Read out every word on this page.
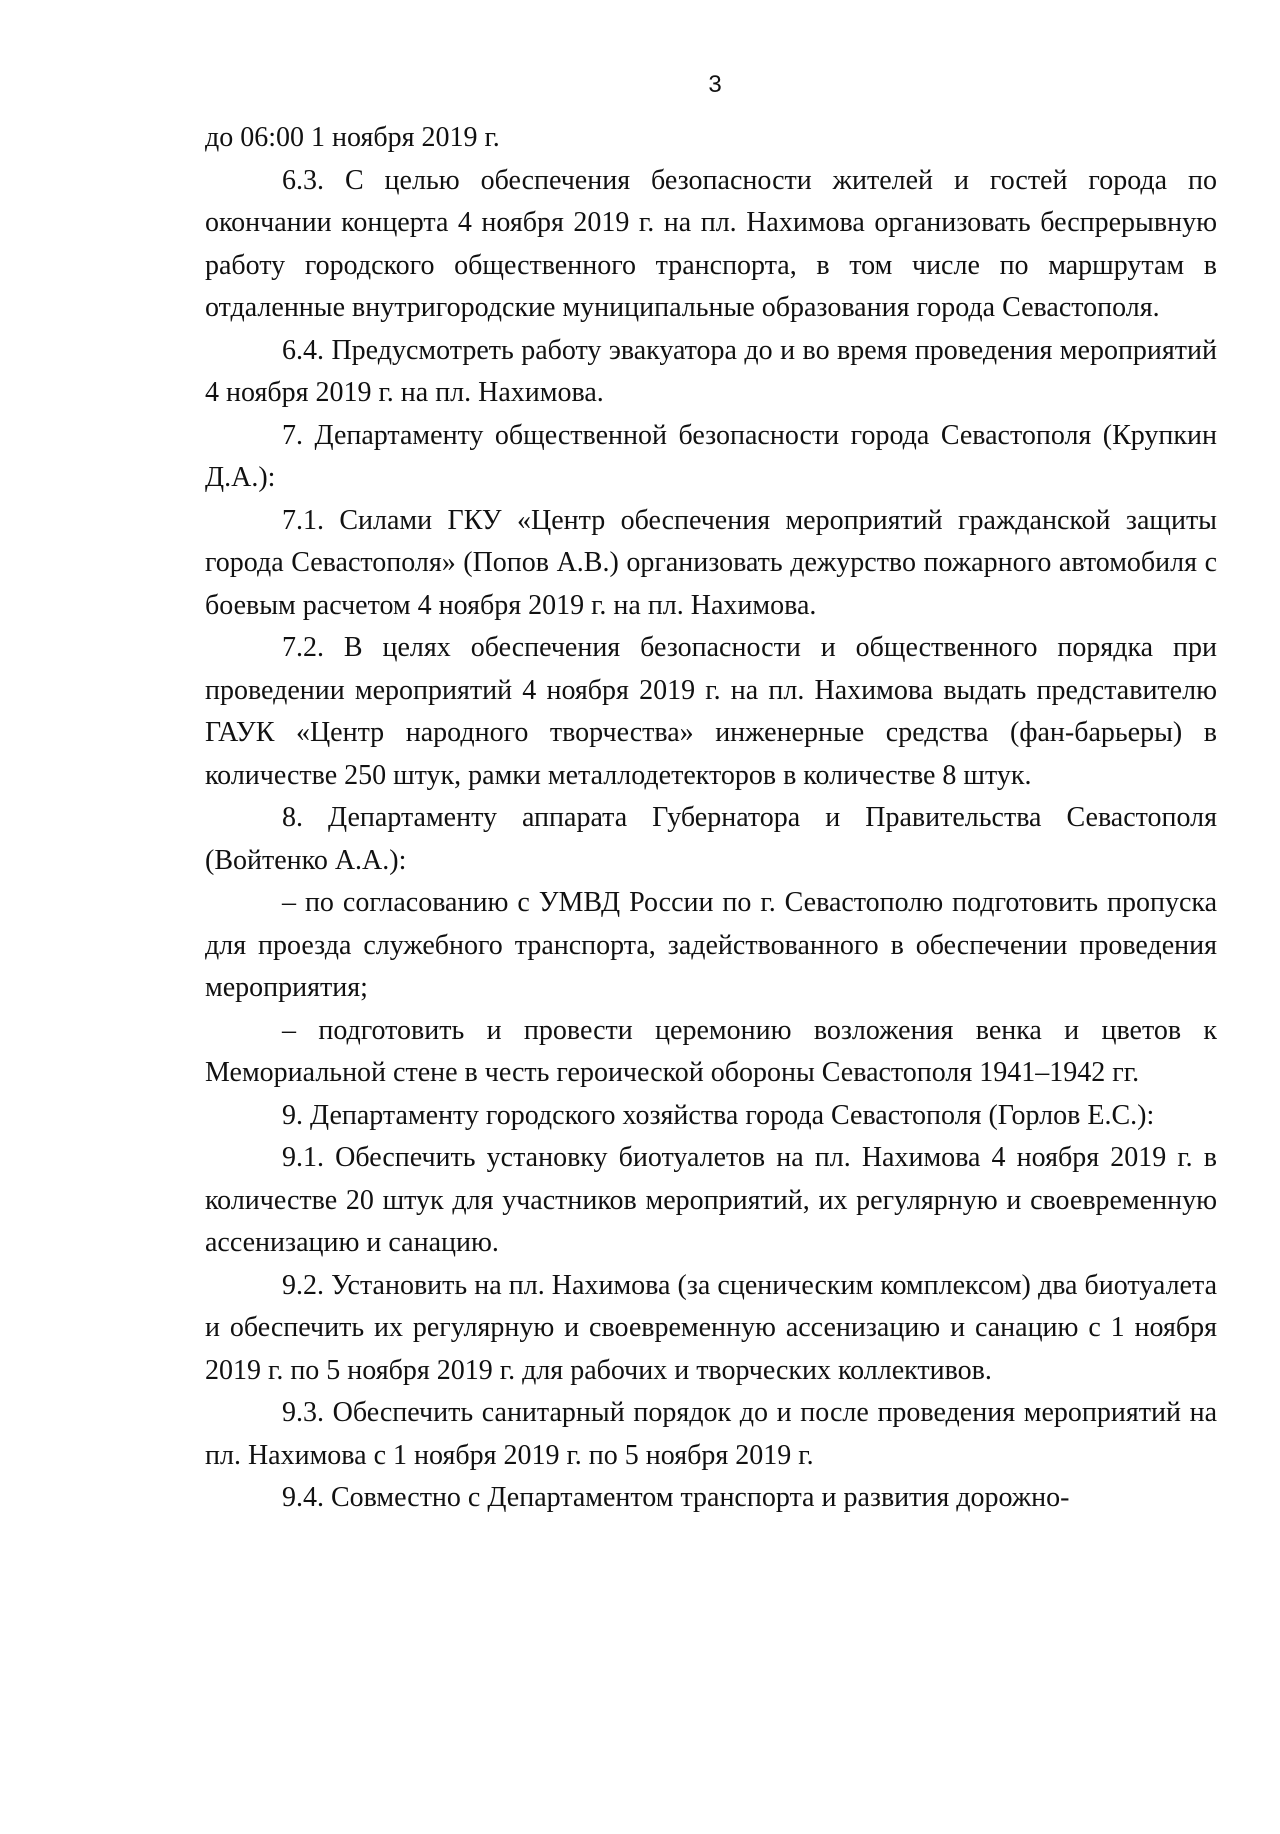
3

до 06:00 1 ноября 2019 г.

6.3. С целью обеспечения безопасности жителей и гостей города по окончании концерта 4 ноября 2019 г. на пл. Нахимова организовать беспрерывную работу городского общественного транспорта, в том числе по маршрутам в отдаленные внутригородские муниципальные образования города Севастополя.

6.4. Предусмотреть работу эвакуатора до и во время проведения мероприятий 4 ноября 2019 г. на пл. Нахимова.

7. Департаменту общественной безопасности города Севастополя (Крупкин Д.А.):

7.1. Силами ГКУ «Центр обеспечения мероприятий гражданской защиты города Севастополя» (Попов А.В.) организовать дежурство пожарного автомобиля с боевым расчетом 4 ноября 2019 г. на пл. Нахимова.

7.2. В целях обеспечения безопасности и общественного порядка при проведении мероприятий 4 ноября 2019 г. на пл. Нахимова выдать представителю ГАУК «Центр народного творчества» инженерные средства (фан-барьеры) в количестве 250 штук, рамки металлодетекторов в количестве 8 штук.

8. Департаменту аппарата Губернатора и Правительства Севастополя (Войтенко А.А.):

– по согласованию с УМВД России по г. Севастополю подготовить пропуска для проезда служебного транспорта, задействованного в обеспечении проведения мероприятия;

– подготовить и провести церемонию возложения венка и цветов к Мемориальной стене в честь героической обороны Севастополя 1941–1942 гг.

9. Департаменту городского хозяйства города Севастополя (Горлов Е.С.):

9.1. Обеспечить установку биотуалетов на пл. Нахимова 4 ноября 2019 г. в количестве 20 штук для участников мероприятий, их регулярную и своевременную ассенизацию и санацию.

9.2. Установить на пл. Нахимова (за сценическим комплексом) два биотуалета и обеспечить их регулярную и своевременную ассенизацию и санацию с 1 ноября 2019 г. по 5 ноября 2019 г. для рабочих и творческих коллективов.

9.3. Обеспечить санитарный порядок до и после проведения мероприятий на пл. Нахимова с 1 ноября 2019 г. по 5 ноября 2019 г.

9.4. Совместно с Департаментом транспорта и развития дорожно-
